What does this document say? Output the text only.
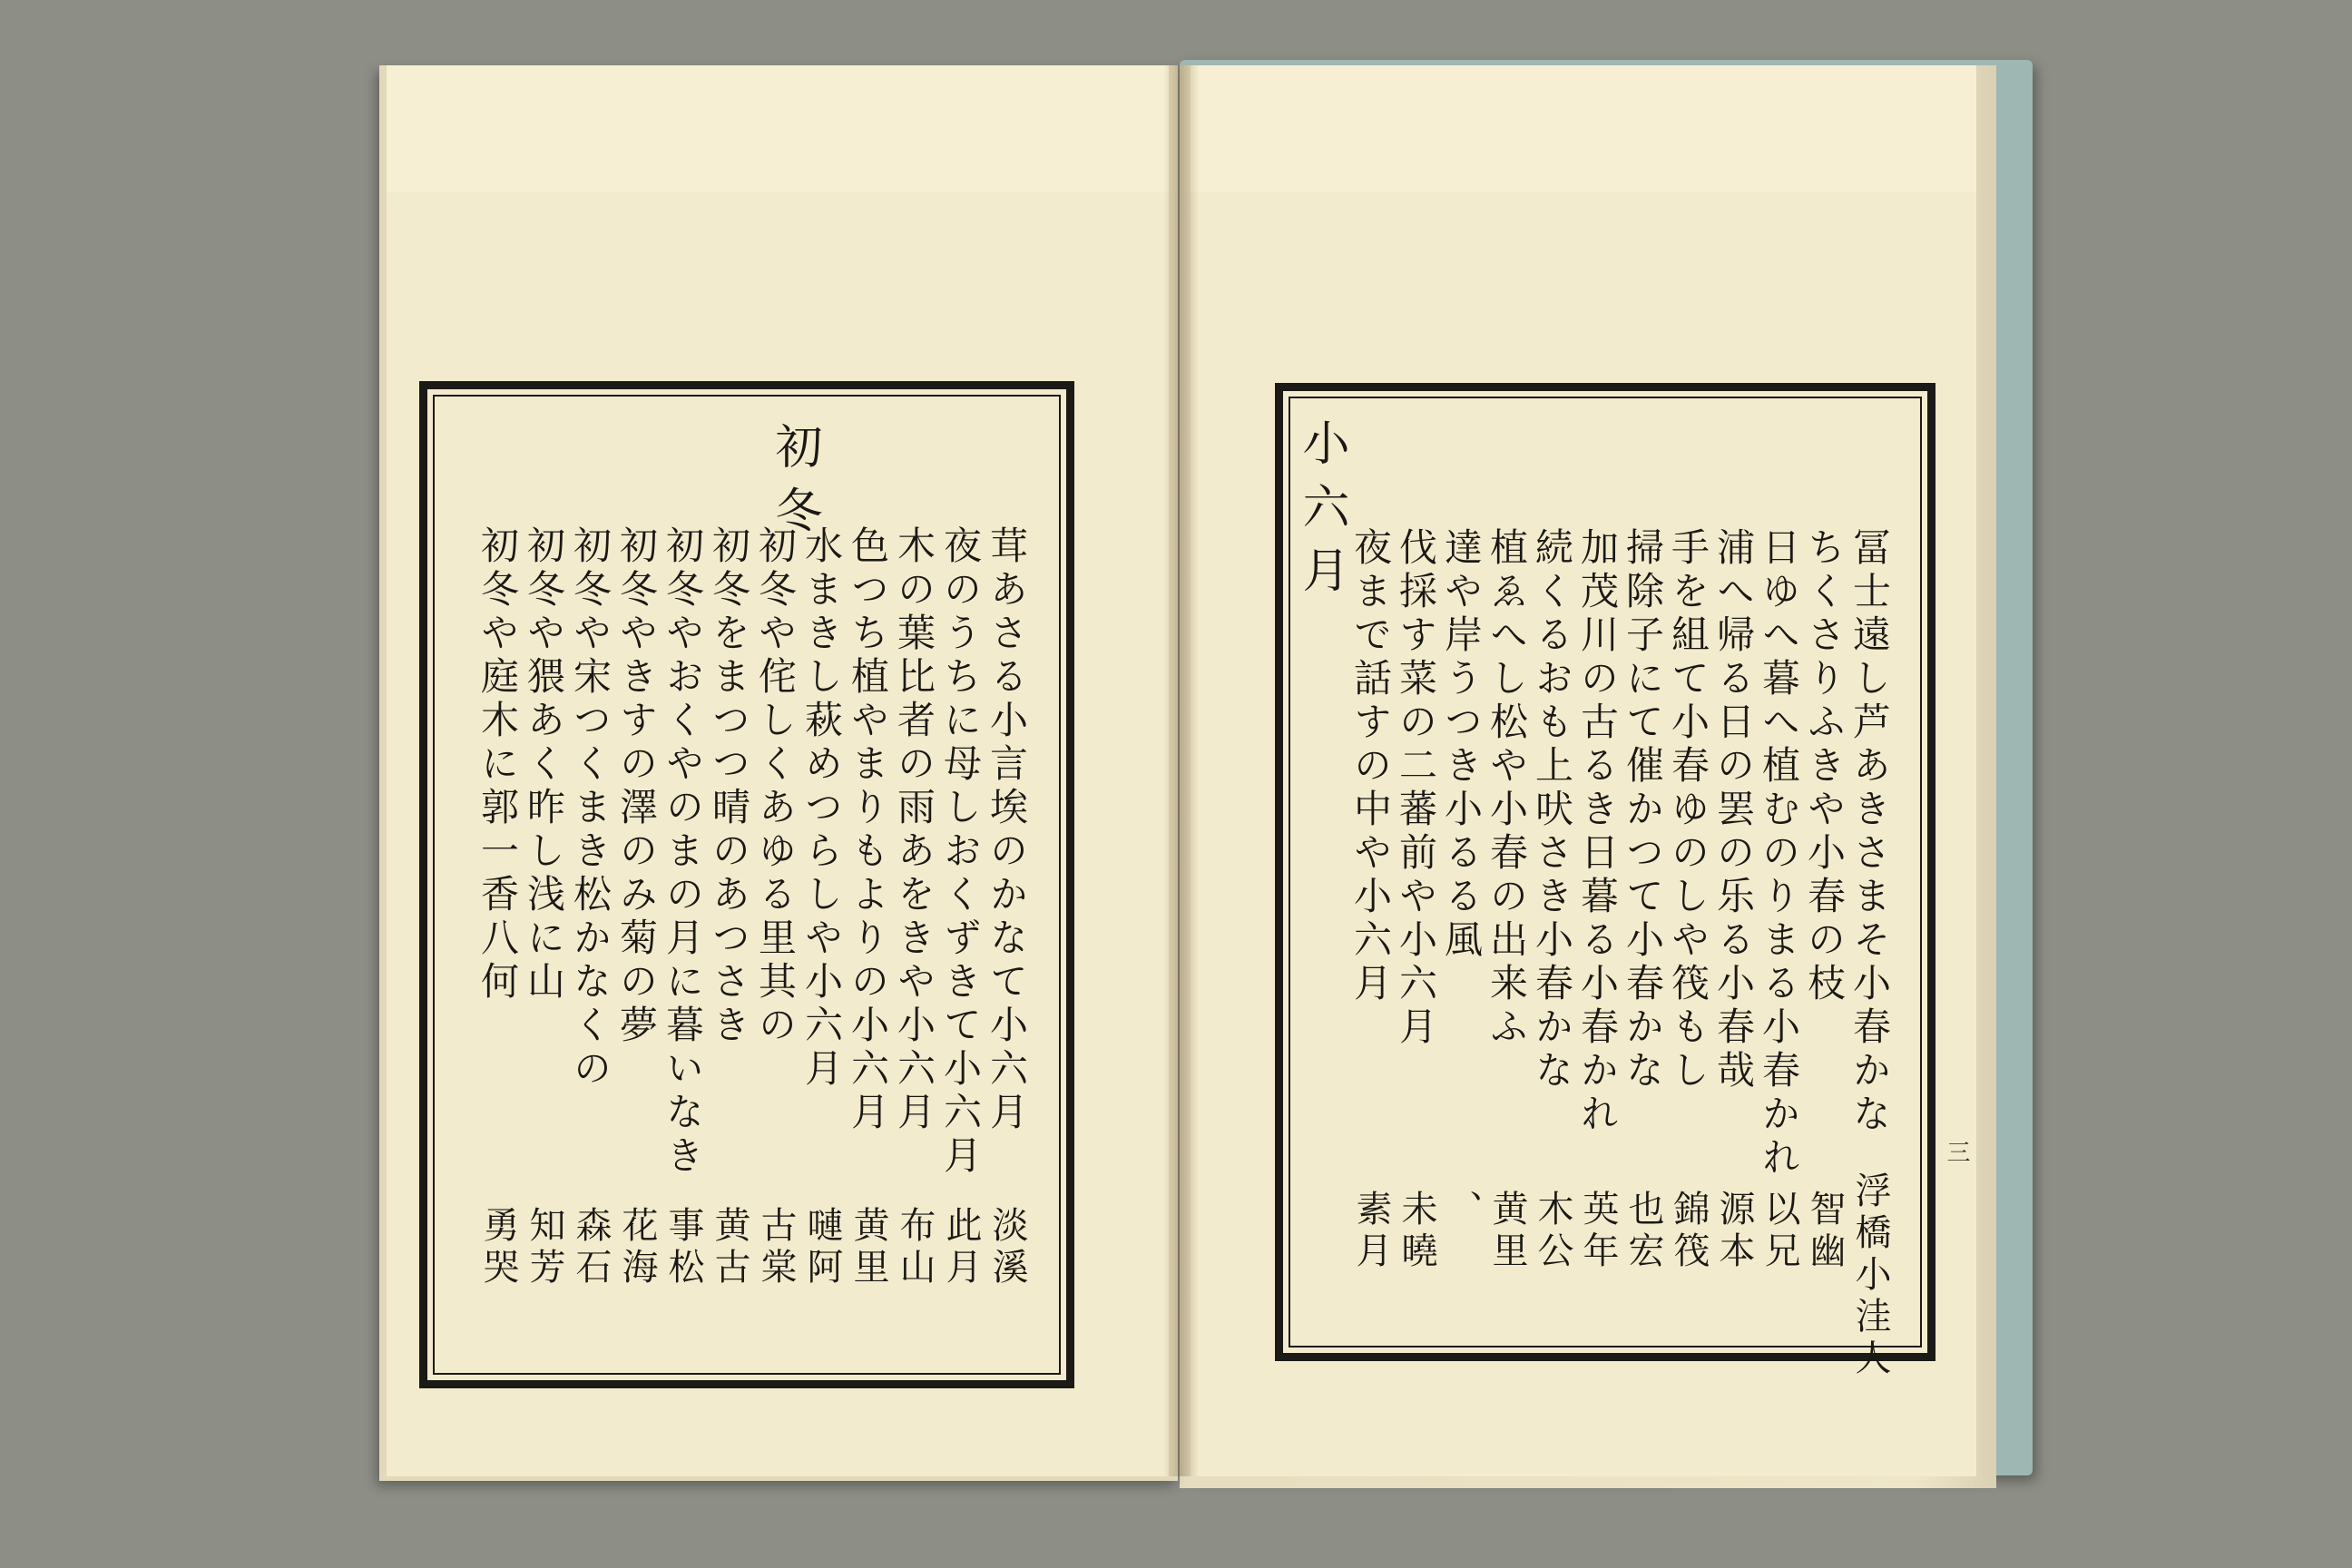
初冬
茸あさる小言埃のかなて小六月
夜のうちに母しおくずきて小六月
木の葉比者の雨あをきや小六月
色つち植やまりもよりの小六月
水まきし萩めつらしや小六月
初冬や侘しくあゆる里其の
初冬をまつつ晴のあつさき
初冬やおくやのまの月に暮いなき
初冬やきすの澤のみ菊の夢
初冬や宋つくまき松かなくの
初冬や猥あく昨し浅に山
初冬や庭木に郭一香八何
淡溪
此月
布山
黄里
嗹阿
古棠
黄古
事松
花海
森石
知芳
勇哭
小六月
冨士遠し芦あきさまそ小春かな
ちくさりふきや小春の枝
日ゆへ暮へ植むのりまる小春かれ
浦へ帰る日の罢の乐る小春哉
手を組て小春ゆのしや筏もし
掃除子にて催かつて小春かな
加茂川の古るき日暮る小春かれ
続くるおも上吠さき小春かな
植ゑへし松や小春の出来ふ
達や岸うつき小るる風
伐採す菜の二蕃前や小六月
夜まで話すの中や小六月
浮橋小洼人
智幽
以兄
源本
錦筏
也宏
英年
木公
黄里
、
未曉
素月
三
